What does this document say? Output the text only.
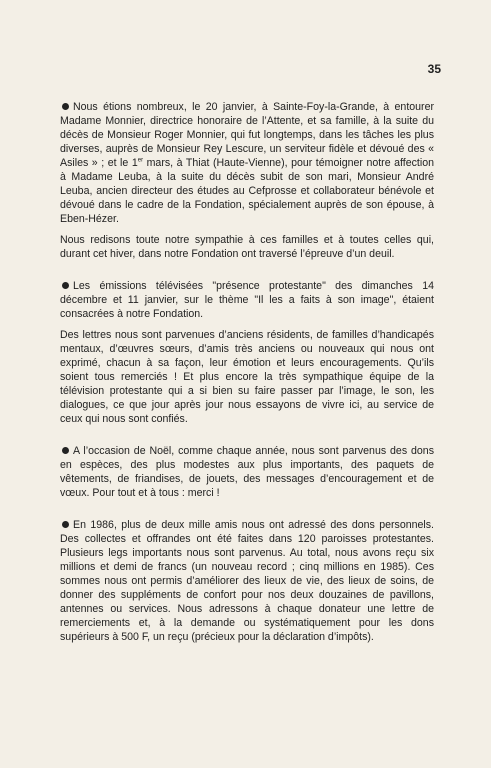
35

Nous étions nombreux, le 20 janvier, à Sainte-Foy-la-Grande, à entourer Madame Monnier, directrice honoraire de l’Attente, et sa famille, à la suite du décès de Monsieur Roger Monnier, qui fut longtemps, dans les tâches les plus diverses, auprès de Monsieur Rey Lescure, un serviteur fidèle et dévoué des « Asiles » ; et le 1er mars, à Thiat (Haute-Vienne), pour témoigner notre affection à Madame Leuba, à la suite du décès subit de son mari, Monsieur André Leuba, ancien directeur des études au Cefprosse et collaborateur bénévole et dévoué dans le cadre de la Fondation, spécialement auprès de son épouse, à Eben-Hézer.

Nous redisons toute notre sympathie à ces familles et à toutes celles qui, durant cet hiver, dans notre Fondation ont traversé l’épreuve d’un deuil.

Les émissions télévisées "présence protestante" des dimanches 14 décembre et 11 janvier, sur le thème "Il les a faits à son image", étaient consacrées à notre Fondation.

Des lettres nous sont parvenues d’anciens résidents, de familles d’handicapés mentaux, d’œuvres sœurs, d’amis très anciens ou nouveaux qui nous ont exprimé, chacun à sa façon, leur émotion et leurs encouragements. Qu’ils soient tous remerciés ! Et plus encore la très sympathique équipe de la télévision protestante qui a si bien su faire passer par l’image, le son, les dialogues, ce que jour après jour nous essayons de vivre ici, au service de ceux qui nous sont confiés.

A l’occasion de Noël, comme chaque année, nous sont parvenus des dons en espèces, des plus modestes aux plus importants, des paquets de vêtements, de friandises, de jouets, des messages d’encouragement et de vœux. Pour tout et à tous : merci !

En 1986, plus de deux mille amis nous ont adressé des dons personnels. Des collectes et offrandes ont été faites dans 120 paroisses protestantes. Plusieurs legs importants nous sont parvenus. Au total, nous avons reçu six millions et demi de francs (un nouveau record ; cinq millions en 1985). Ces sommes nous ont permis d’améliorer des lieux de vie, des lieux de soins, de donner des suppléments de confort pour nos deux douzaines de pavillons, antennes ou services. Nous adressons à chaque donateur une lettre de remerciements et, à la demande ou systématiquement pour les dons supérieurs à 500 F, un reçu (précieux pour la déclaration d’impôts).
